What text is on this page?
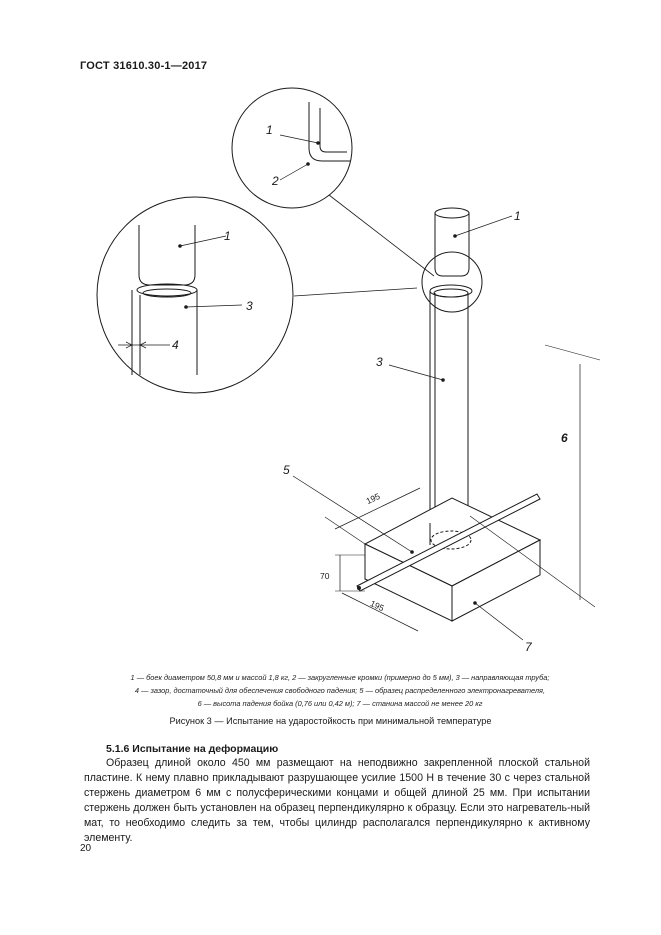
ГОСТ 31610.30-1—2017
1
2
1
3
4
1
3
5
6
7
195
195
70
1 — боек диаметром 50,8 мм и массой 1,8 кг, 2 — закругленные кромки (примерно до 5 мм), 3 — направляющая труба;
4 — зазор, достаточный для обеспечения свободного падения; 5 — образец распределенного электронагревателя,
6 — высота падения бойка (0,76 или 0,42 м); 7 — станина массой не менее 20 кг
Рисунок 3 — Испытание на ударостойкость при минимальной температуре
5.1.6 Испытание на деформацию
Образец длиной около 450 мм размещают на неподвижно закрепленной плоской стальной пластине. К нему плавно прикладывают разрушающее усилие 1500 Н в течение 30 с через стальной стержень диаметром 6 мм с полусферическими концами и общей длиной 25 мм. При испытании стержень должен быть установлен на образец перпендикулярно к образцу. Если это нагреватель-ный мат, то необходимо следить за тем, чтобы цилиндр располагался перпендикулярно к активному элементу.
20
